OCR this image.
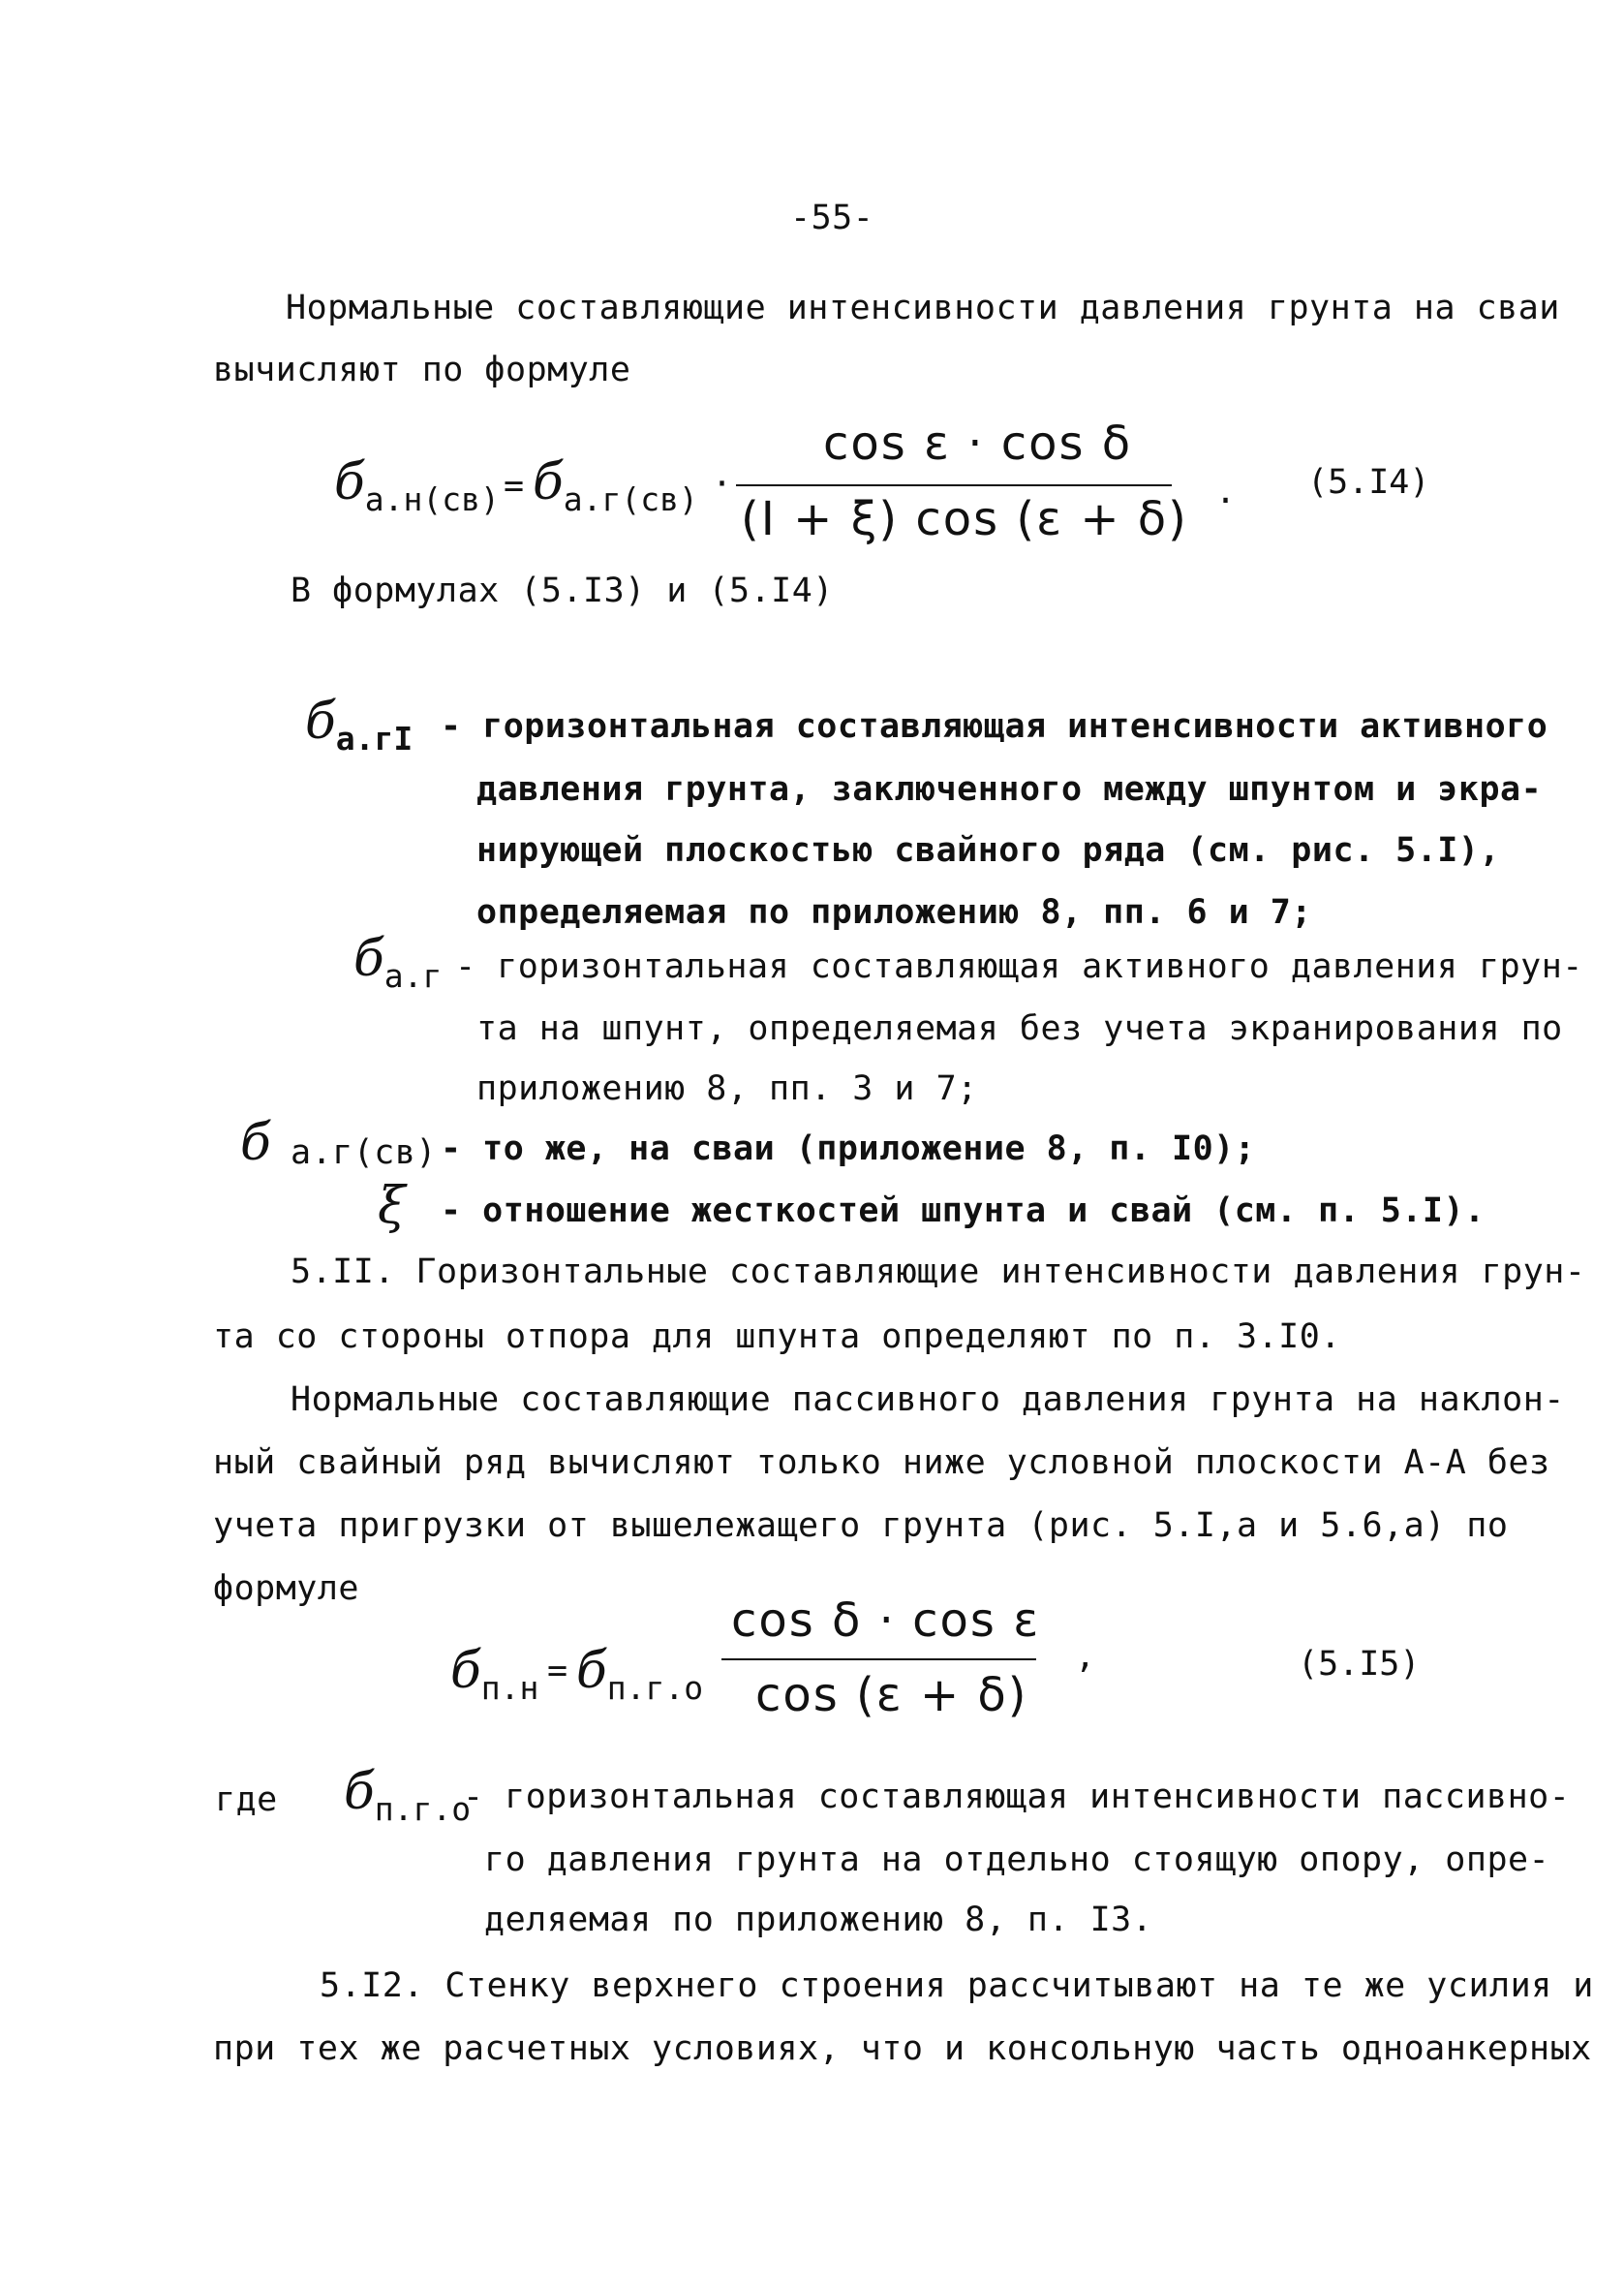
-55-
Нормальные составляющие интенсивности давления грунта на сваи
вычисляют по формуле
ба.н(св) = ба.г(св) ·
cos ε · cos δ
(I + ξ) cos (ε + δ) . (5.I4)
В формулах (5.I3) и (5.I4)
ба.гI - горизонтальная составляющая интенсивности активного
давления грунта, заключенного между шпунтом и экра-
нирующей плоскостью свайного ряда (см. рис. 5.I),
определяемая по приложению 8, пп. 6 и 7;
ба.г - горизонтальная составляющая активного давления грун-
та на шпунт, определяемая без учета экранирования по
приложению 8, пп. 3 и 7;
б а.г(св) - то же, на сваи (приложение 8, п. I0);
ξ - отношение жесткостей шпунта и свай (см. п. 5.I).
5.II. Горизонтальные составляющие интенсивности давления грун-
та со стороны отпора для шпунта определяют по п. 3.I0.
Нормальные составляющие пассивного давления грунта на наклон-
ный свайный ряд вычисляют только ниже условной плоскости А-А без
учета пригрузки от вышележащего грунта (рис. 5.I,а и 5.6,а) по
формуле
бп.н = бп.г.о
cos δ · cos ε
cos (ε + δ)
,	(5.I5)
где бп.г.о
- горизонтальная составляющая интенсивности пассивно-
го давления грунта на отдельно стоящую опору, опре-
деляемая по приложению 8, п. I3.
5.I2. Стенку верхнего строения рассчитывают на те же усилия и
при тех же расчетных условиях, что и консольную часть одноанкерных
